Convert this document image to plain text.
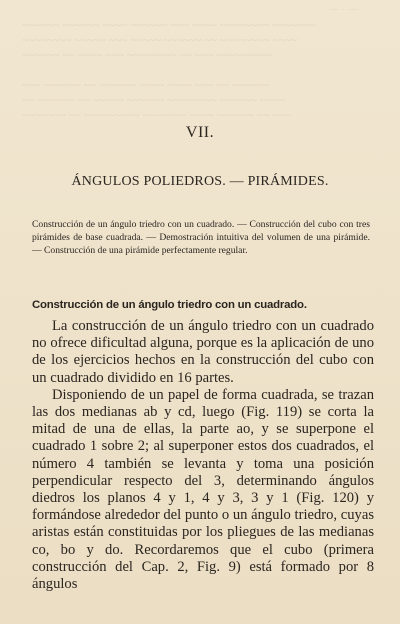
— · —
~~~~~~ ~~~~~~ ~~~~ ~~~~~~ ~~~ ~~~~ ~~~~~~~~ ~~~~~~~
~~~~~~~~ ~~~~~ ~~~ ~~~~~ ~~~~~~ ~~ ~~~~~~~~ ~~~~
~~~~~~ ~~ ~~~~ ~~~ ~~~~~~~~ ~~ ~~~ ~~~~~~~~~

~~~ ~~~~~~ ~~ ~~~~~~ ~~~~ ~~~~ ~~~ ~~ ~~~~~~
~~ ~~~~~~ ~~ ~~~~~ ~~~~~~ ~~~~~~~~ ~~~~~~ ~~~~
~~~~~~~ ~~ ~~~~~~~~~ ~~~~~~~ ~~~~ ~~~~~~ ~~ ~~~
VII.
ÁNGULOS POLIEDROS. — PIRÁMIDES.
Construcción de un ángulo triedro con un cuadrado. — Construcción del cubo con tres pirámides de base cuadrada. — Demostración intuitiva del volumen de una pirámide. — Construcción de una pirámide perfectamente regular.
Construcción de un ángulo triedro con un cuadrado.

La construcción de un ángulo triedro con un cuadrado no ofrece dificultad alguna, porque es la aplicación de uno de los ejercicios hechos en la construcción del cubo con un cuadrado dividido en 16 partes.

Disponiendo de un papel de forma cuadrada, se trazan las dos medianas ab y cd, luego (Fig. 119) se corta la mitad de una de ellas, la parte ao, y se superpone el cuadrado 1 sobre 2; al superponer estos dos cuadrados, el número 4 también se levanta y toma una posición perpendicular respecto del 3, determinando ángulos diedros los planos 4 y 1, 4 y 3, 3 y 1 (Fig. 120) y formándose alrededor del punto o un ángulo triedro, cuyas aristas están constituidas por los pliegues de las medianas co, bo y do. Recordaremos que el cubo (primera construcción del Cap. 2, Fig. 9) está formado por 8 ángulos
